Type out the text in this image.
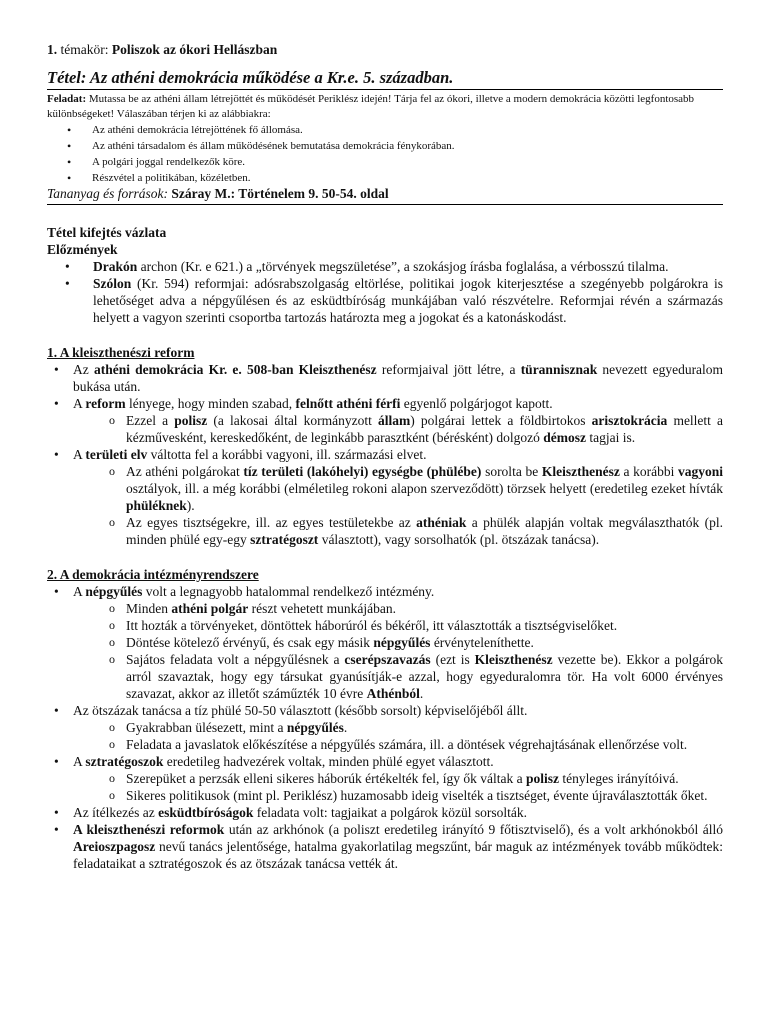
1. témakör: Poliszok az ókori Hellászban

Tétel: Az athéni demokrácia működése a Kr.e. 5. században.

Feladat: Mutassa be az athéni állam létrejöttét és működését Periklész idején! Tárja fel az ókori, illetve a modern demokrácia közötti legfontosabb különbségeket! Válaszában térjen ki az alábbiakra:

• Az athéni demokrácia létrejöttének fő állomása.
• Az athéni társadalom és állam működésének bemutatása demokrácia fénykorában.
• A polgári joggal rendelkezők köre.
• Részvétel a politikában, közéletben.

Tananyag és források: Száray M.: Történelem 9. 50-54. oldal

Tétel kifejtés vázlata

Előzmények

• Drakón archon (Kr. e 621.) a „törvények megszületése”, a szokásjog írásba foglalása, a vérbosszú tilalma.
• Szólon (Kr. 594) reformjai: adósrabszolgaság eltörlése, politikai jogok kiterjesztése a szegényebb polgárokra is lehetőséget adva a népgyűlésen és az esküdtbíróság munkájában való részvételre. Reformjai révén a származás helyett a vagyon szerinti csoportba tartozás határozta meg a jogokat és a katonáskodást.

1. A kleiszthenészi reform

• Az athéni demokrácia Kr. e. 508-ban Kleiszthenész reformjaival jött létre, a türannisznak nevezett egyeduralom bukása után.
• A reform lényege, hogy minden szabad, felnőtt athéni férfi egyenlő polgárjogot kapott.
o Ezzel a polisz (a lakosai által kormányzott állam) polgárai lettek a földbirtokos arisztokrácia mellett a kézművesként, kereskedőként, de leginkább parasztként (bérésként) dolgozó démosz tagjai is.
• A területi elv váltotta fel a korábbi vagyoni, ill. származási elvet.
o Az athéni polgárokat tíz területi (lakóhelyi) egységbe (phülébe) sorolta be Kleiszthenész a korábbi vagyoni osztályok, ill. a még korábbi (elméletileg rokoni alapon szerveződött) törzsek helyett (eredetileg ezeket hívták phüléknek).
o Az egyes tisztségekre, ill. az egyes testületekbe az athéniak a phülék alapján voltak megválaszthatók (pl. minden phülé egy-egy sztratégoszt választott), vagy sorsolhatók (pl. ötszázak tanácsa).

2. A demokrácia intézményrendszere

• A népgyűlés volt a legnagyobb hatalommal rendelkező intézmény.
o Minden athéni polgár részt vehetett munkájában.
o Itt hozták a törvényeket, döntöttek háborúról és békéről, itt választották a tisztségviselőket.
o Döntése kötelező érvényű, és csak egy másik népgyűlés érvényteleníthette.
o Sajátos feladata volt a népgyűlésnek a cserépszavazás (ezt is Kleiszthenész vezette be). Ekkor a polgárok arról szavaztak, hogy egy társukat gyanúsítják-e azzal, hogy egyeduralomra tör. Ha volt 6000 érvényes szavazat, akkor az illetőt száműzték 10 évre Athénból.
• Az ötszázak tanácsa a tíz phülé 50-50 választott (később sorsolt) képviselőjéből állt.
o Gyakrabban ülésezett, mint a népgyűlés.
o Feladata a javaslatok előkészítése a népgyűlés számára, ill. a döntések végrehajtásának ellenőrzése volt.
• A sztratégoszok eredetileg hadvezérek voltak, minden phülé egyet választott.
o Szerepüket a perzsák elleni sikeres háborúk értékelték fel, így ők váltak a polisz tényleges irányítóivá.
o Sikeres politikusok (mint pl. Periklész) huzamosabb ideig viselték a tisztséget, évente újraválasztották őket.
• Az ítélkezés az esküdtbíróságok feladata volt: tagjaikat a polgárok közül sorsolták.
• A kleiszthenészi reformok után az arkhónok (a poliszt eredetileg irányító 9 főtisztviselő), és a volt arkhónokból álló Areioszpagosz nevű tanács jelentősége, hatalma gyakorlatilag megszűnt, bár maguk az intézmények tovább működtek: feladataikat a sztratégoszok és az ötszázak tanácsa vették át.
